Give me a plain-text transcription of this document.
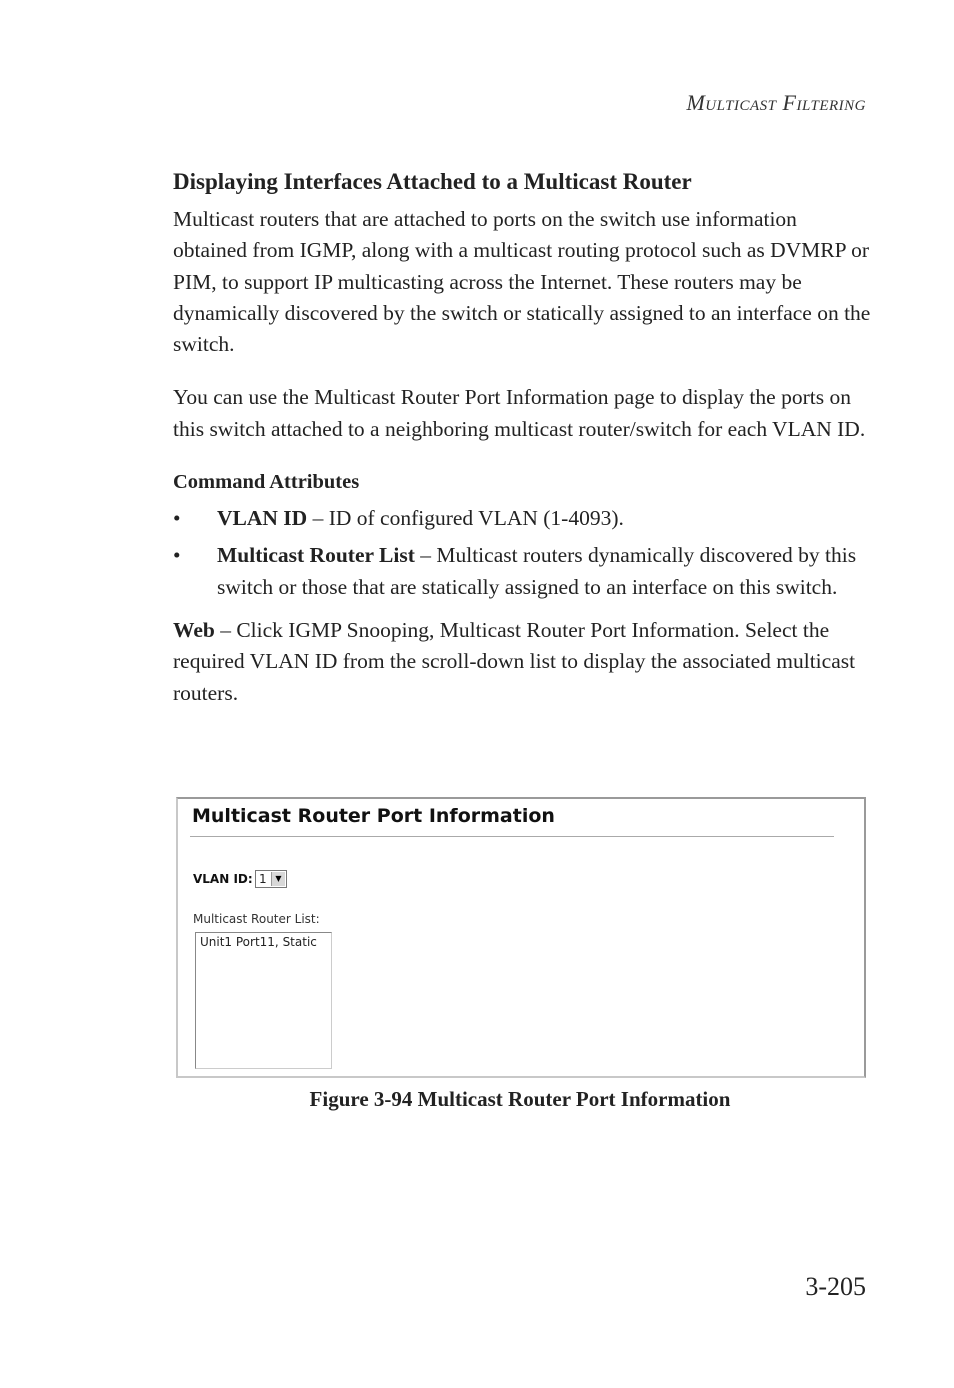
Multicast Filtering
Displaying Interfaces Attached to a Multicast Router

Multicast routers that are attached to ports on the switch use information obtained from IGMP, along with a multicast routing protocol such as DVMRP or PIM, to support IP multicasting across the Internet. These routers may be dynamically discovered by the switch or statically assigned to an interface on the switch.

You can use the Multicast Router Port Information page to display the ports on this switch attached to a neighboring multicast router/switch for each VLAN ID.

Command Attributes
• VLAN ID – ID of configured VLAN (1-4093).
• Multicast Router List – Multicast routers dynamically discovered by this switch or those that are statically assigned to an interface on this switch.

Web – Click IGMP Snooping, Multicast Router Port Information. Select the required VLAN ID from the scroll-down list to display the associated multicast routers.

Multicast Router Port Information
VLAN ID: 1	▼
Multicast Router List:
Unit1 Port11, Static
Figure 3-94 Multicast Router Port Information
3-205
